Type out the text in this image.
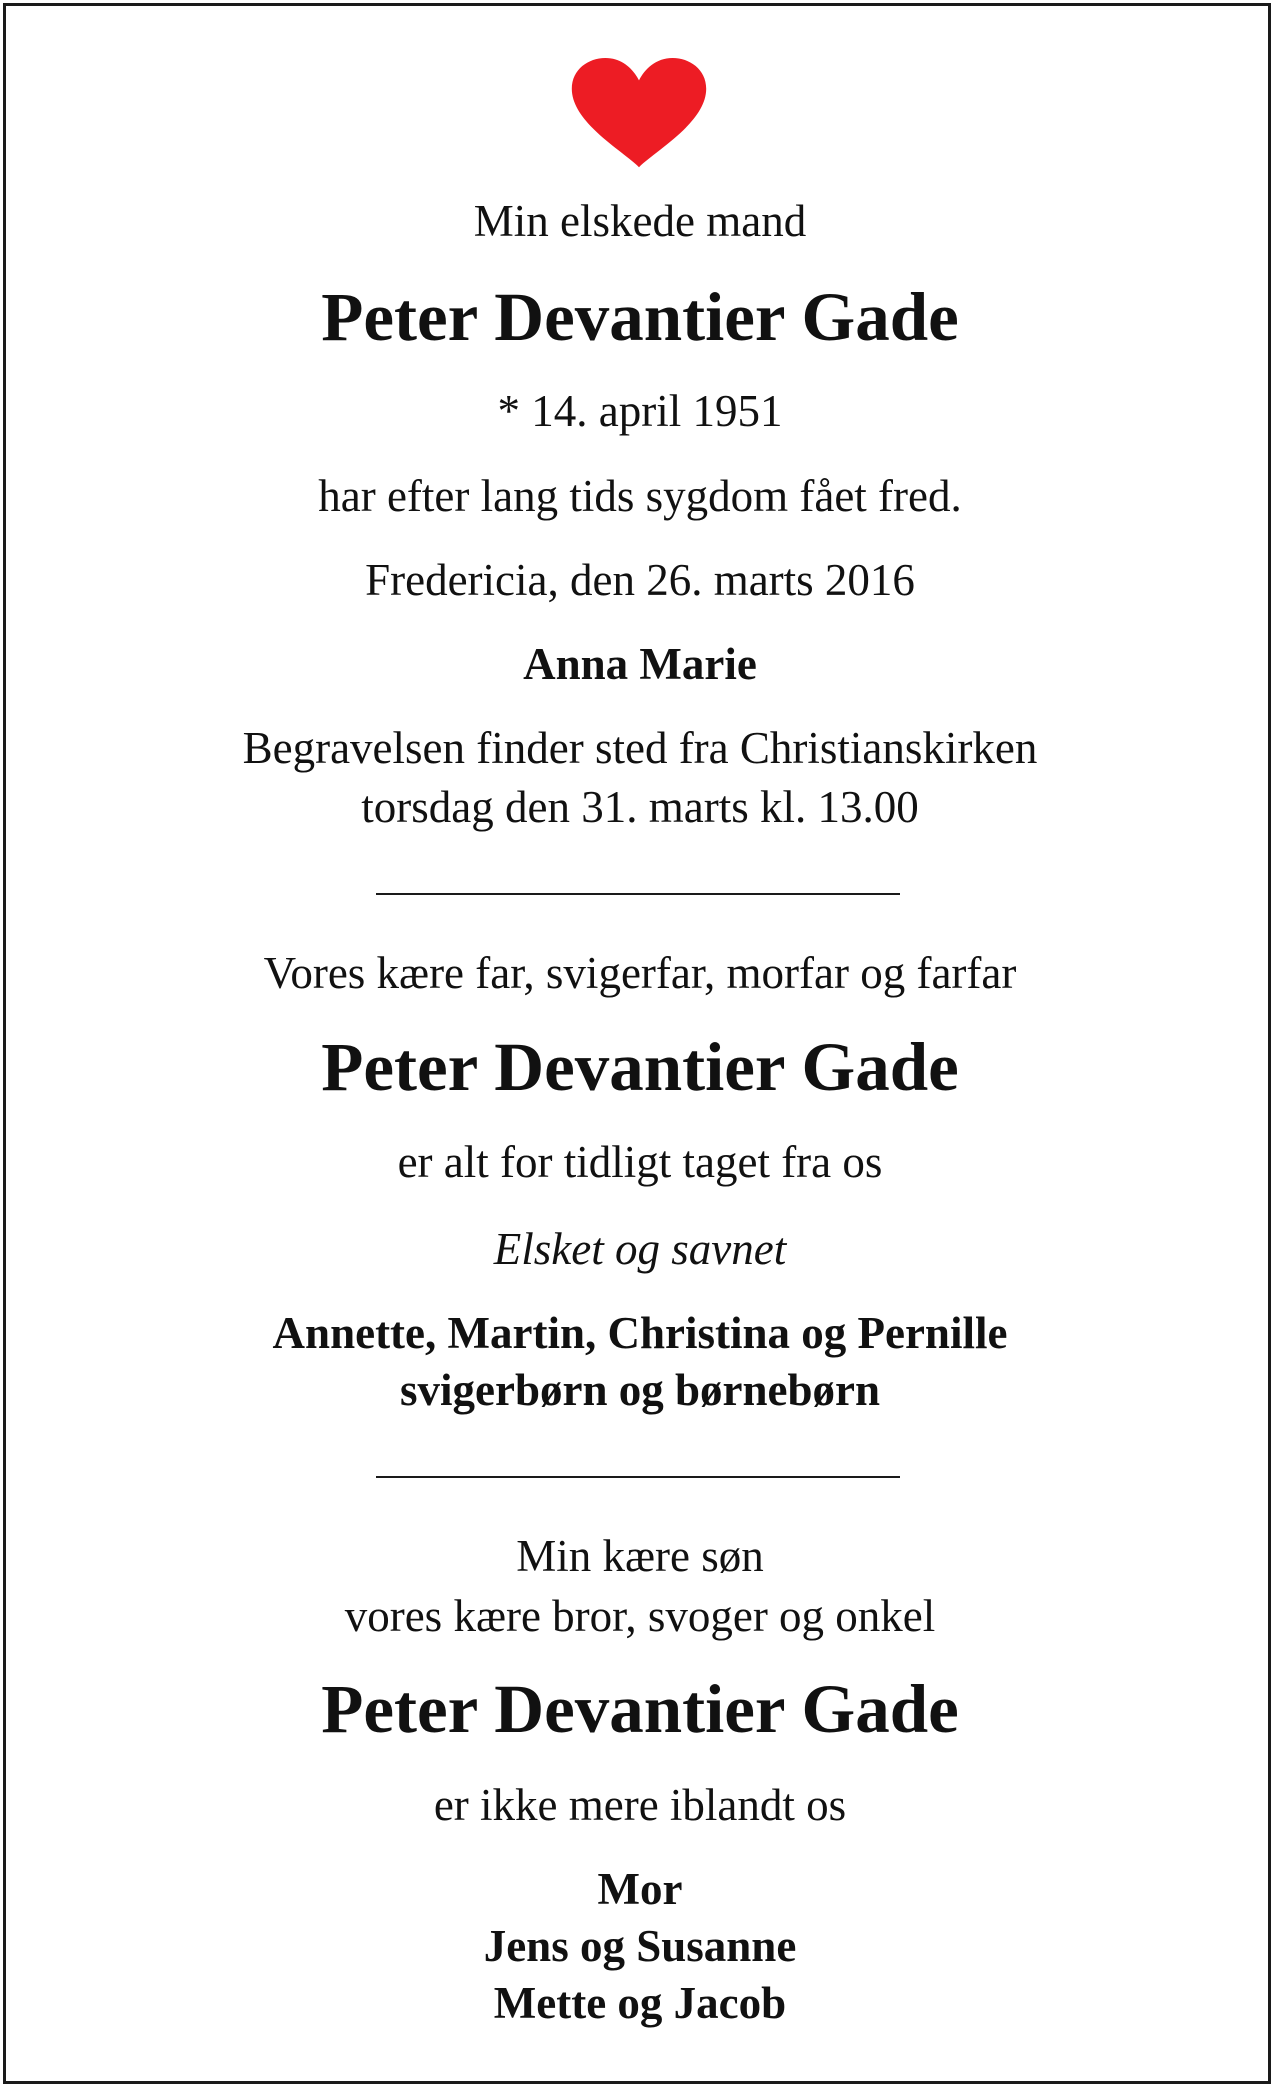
Min elskede mand
Peter Devantier Gade
* 14. april 1951
har efter lang tids sygdom fået fred.
Fredericia, den 26. marts 2016
Anna Marie
Begravelsen finder sted fra Christianskirken
torsdag den 31. marts kl. 13.00
Vores kære far, svigerfar, morfar og farfar
Peter Devantier Gade
er alt for tidligt taget fra os
Elsket og savnet
Annette, Martin, Christina og Pernille
svigerbørn og børnebørn
Min kære søn
vores kære bror, svoger og onkel
Peter Devantier Gade
er ikke mere iblandt os
Mor
Jens og Susanne
Mette og Jacob
